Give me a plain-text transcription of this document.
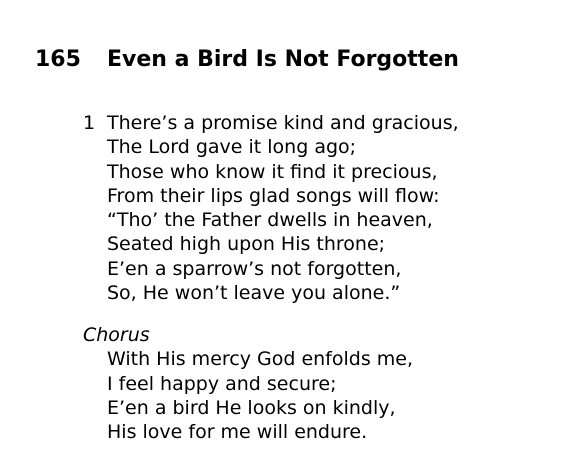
165 Even a Bird Is Not Forgotten
1 There’s a promise kind and gracious,
The Lord gave it long ago;
Those who know it find it precious,
From their lips glad songs will flow:
“Tho’ the Father dwells in heaven,
Seated high upon His throne;
E’en a sparrow’s not forgotten,
So, He won’t leave you alone.”
Chorus
With His mercy God enfolds me,
I feel happy and secure;
E’en a bird He looks on kindly,
His love for me will endure.
